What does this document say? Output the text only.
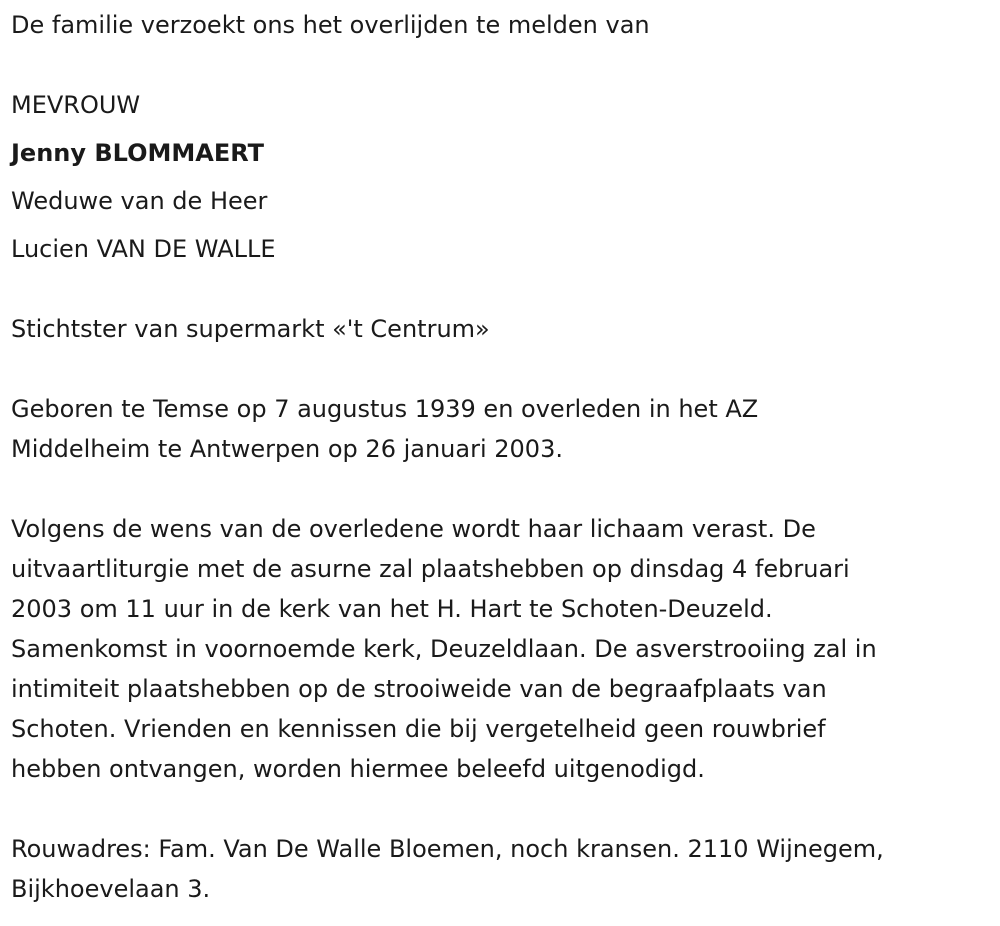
De familie verzoekt ons het overlijden te melden van
MEVROUW
Jenny BLOMMAERT
Weduwe van de Heer
Lucien VAN DE WALLE
Stichtster van supermarkt «'t Centrum»
Geboren te Temse op 7 augustus 1939 en overleden in het AZ
Middelheim te Antwerpen op 26 januari 2003.
Volgens de wens van de overledene wordt haar lichaam verast. De
uitvaartliturgie met de asurne zal plaatshebben op dinsdag 4 februari
2003 om 11 uur in de kerk van het H. Hart te Schoten-Deuzeld.
Samenkomst in voornoemde kerk, Deuzeldlaan. De asverstrooiing zal in
intimiteit plaatshebben op de strooiweide van de begraafplaats van
Schoten. Vrienden en kennissen die bij vergetelheid geen rouwbrief
hebben ontvangen, worden hiermee beleefd uitgenodigd.
Rouwadres: Fam. Van De Walle Bloemen, noch kransen. 2110 Wijnegem,
Bijkhoevelaan 3.
